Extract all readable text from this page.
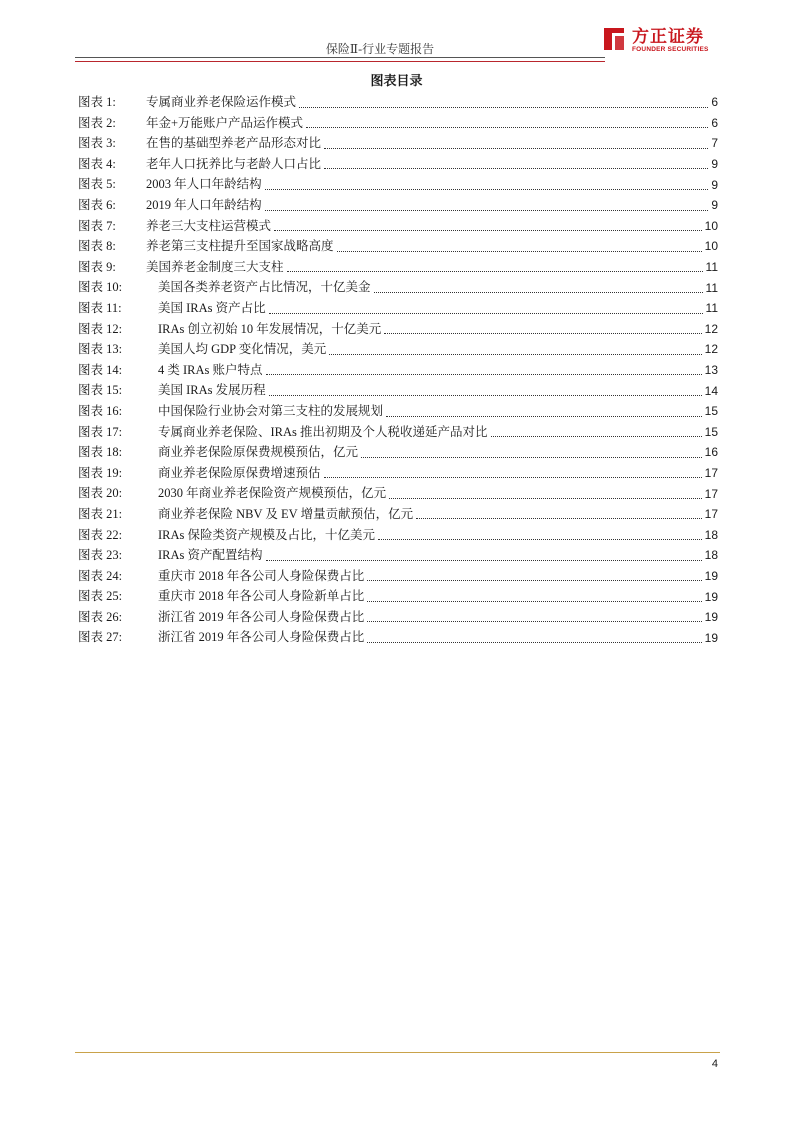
保险Ⅱ-行业专题报告
方正证券
FOUNDER SECURITIES
图表目录
图表 1:	专属商业养老保险运作模式	6
图表 2:	年金+万能账户产品运作模式	6
图表 3:	在售的基础型养老产品形态对比	7
图表 4:	老年人口抚养比与老龄人口占比	9
图表 5:	2003 年人口年龄结构	9
图表 6:	2019 年人口年龄结构	9
图表 7:	养老三大支柱运营模式	10
图表 8:	养老第三支柱提升至国家战略高度	10
图表 9:	美国养老金制度三大支柱	11
图表 10:	美国各类养老资产占比情况，十亿美金	11
图表 11:	美国 IRAs 资产占比	11
图表 12:	IRAs 创立初始 10 年发展情况，十亿美元	12
图表 13:	美国人均 GDP 变化情况，美元	12
图表 14:	4 类 IRAs 账户特点	13
图表 15:	美国 IRAs 发展历程	14
图表 16:	中国保险行业协会对第三支柱的发展规划	15
图表 17:	专属商业养老保险、IRAs 推出初期及个人税收递延产品对比	15
图表 18:	商业养老保险原保费规模预估，亿元	16
图表 19:	商业养老保险原保费增速预估	17
图表 20:	2030 年商业养老保险资产规模预估，亿元	17
图表 21:	商业养老保险 NBV 及 EV 增量贡献预估，亿元	17
图表 22:	IRAs 保险类资产规模及占比，十亿美元	18
图表 23:	IRAs 资产配置结构	18
图表 24:	重庆市 2018 年各公司人身险保费占比	19
图表 25:	重庆市 2018 年各公司人身险新单占比	19
图表 26:	浙江省 2019 年各公司人身险保费占比	19
图表 27:	浙江省 2019 年各公司人身险保费占比	19
4
